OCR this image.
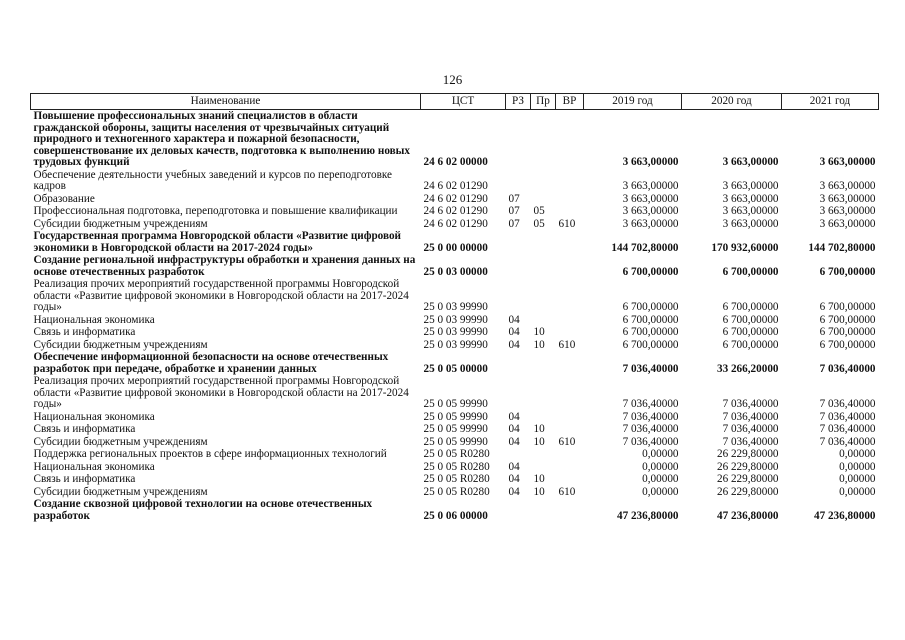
126
Наименование	ЦСТ	РЗ	Пр	ВР	2019 год	2020 год	2021 год
Повышение профессиональных знаний специалистов в области гражданской обороны, защиты населения от чрезвычайных ситуаций природного и техногенного характера и пожарной безопасности, совершенствование их деловых качеств, подготовка к выполнению новых трудовых функций	24 6 02 00000				3 663,00000	3 663,00000	3 663,00000
Обеспечение деятельности учебных заведений и курсов по переподготовке кадров	24 6 02 01290				3 663,00000	3 663,00000	3 663,00000
Образование	24 6 02 01290	07			3 663,00000	3 663,00000	3 663,00000
Профессиональная подготовка, переподготовка и повышение квалификации	24 6 02 01290	07	05		3 663,00000	3 663,00000	3 663,00000
Субсидии бюджетным учреждениям	24 6 02 01290	07	05	610	3 663,00000	3 663,00000	3 663,00000
Государственная программа Новгородской области «Развитие цифровой экономики в Новгородской области на 2017-2024 годы»	25 0 00 00000				144 702,80000	170 932,60000	144 702,80000
Создание региональной инфраструктуры обработки и хранения данных на основе отечественных разработок	25 0 03 00000				6 700,00000	6 700,00000	6 700,00000
Реализация прочих мероприятий государственной программы Новгородской области «Развитие цифровой экономики в Новгородской области на 2017-2024 годы»	25 0 03 99990				6 700,00000	6 700,00000	6 700,00000
Национальная экономика	25 0 03 99990	04			6 700,00000	6 700,00000	6 700,00000
Связь и информатика	25 0 03 99990	04	10		6 700,00000	6 700,00000	6 700,00000
Субсидии бюджетным учреждениям	25 0 03 99990	04	10	610	6 700,00000	6 700,00000	6 700,00000
Обеспечение информационной безопасности на основе отечественных разработок при передаче, обработке и хранении данных	25 0 05 00000				7 036,40000	33 266,20000	7 036,40000
Реализация прочих мероприятий государственной программы Новгородской области «Развитие цифровой экономики в Новгородской области на 2017-2024 годы»	25 0 05 99990				7 036,40000	7 036,40000	7 036,40000
Национальная экономика	25 0 05 99990	04			7 036,40000	7 036,40000	7 036,40000
Связь и информатика	25 0 05 99990	04	10		7 036,40000	7 036,40000	7 036,40000
Субсидии бюджетным учреждениям	25 0 05 99990	04	10	610	7 036,40000	7 036,40000	7 036,40000
Поддержка региональных проектов в сфере информационных технологий	25 0 05 R0280				0,00000	26 229,80000	0,00000
Национальная экономика	25 0 05 R0280	04			0,00000	26 229,80000	0,00000
Связь и информатика	25 0 05 R0280	04	10		0,00000	26 229,80000	0,00000
Субсидии бюджетным учреждениям	25 0 05 R0280	04	10	610	0,00000	26 229,80000	0,00000
Создание сквозной цифровой технологии на основе отечественных разработок	25 0 06 00000				47 236,80000	47 236,80000	47 236,80000
